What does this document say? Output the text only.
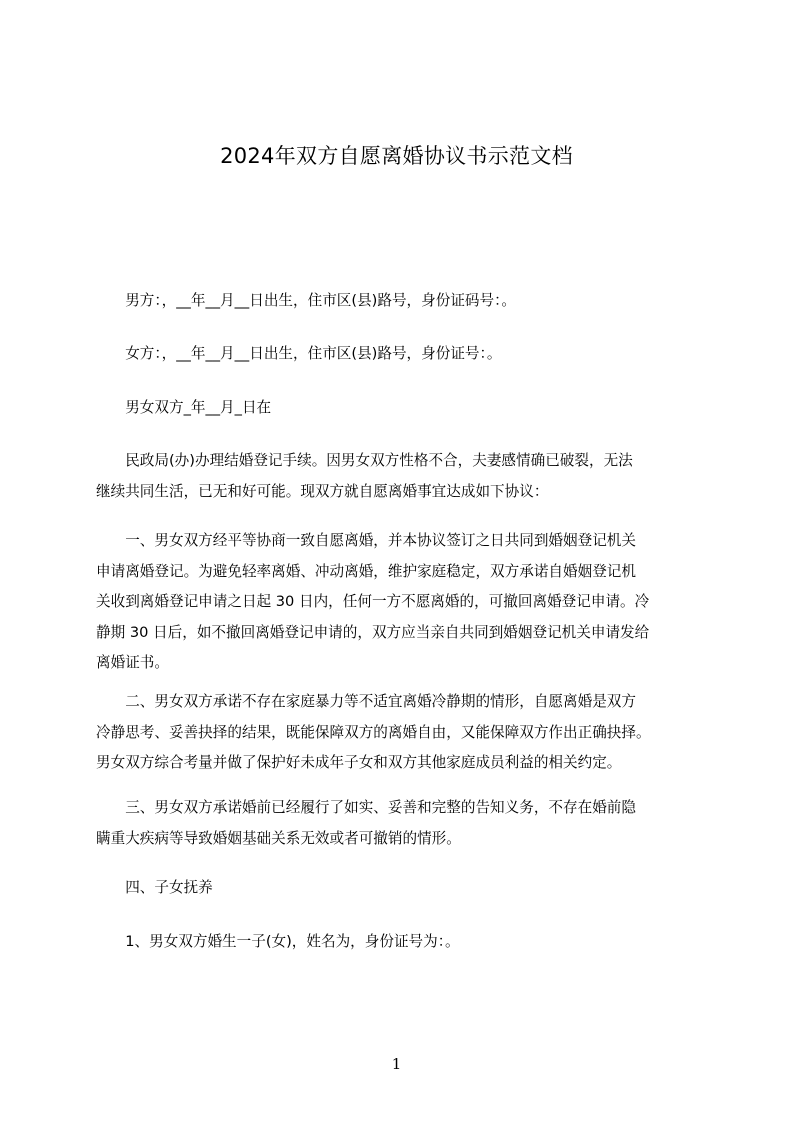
2024年双方自愿离婚协议书示范文档
　　男方：，__年__月__日出生，住市区(县)路号，身份证码号：。
　　女方：，__年__月__日出生，住市区(县)路号，身份证号：。
　　男女双方_年__月_日在
　　民政局(办)办理结婚登记手续。因男女双方性格不合，夫妻感情确已破裂，无法
继续共同生活，已无和好可能。现双方就自愿离婚事宜达成如下协议：
　　一、男女双方经平等协商一致自愿离婚，并本协议签订之日共同到婚姻登记机关
申请离婚登记。为避免轻率离婚、冲动离婚，维护家庭稳定，双方承诺自婚姻登记机
关收到离婚登记申请之日起 30 日内，任何一方不愿离婚的，可撤回离婚登记申请。冷
静期 30 日后，如不撤回离婚登记申请的，双方应当亲自共同到婚姻登记机关申请发给
离婚证书。
　　二、男女双方承诺不存在家庭暴力等不适宜离婚冷静期的情形，自愿离婚是双方
冷静思考、妥善抉择的结果，既能保障双方的离婚自由，又能保障双方作出正确抉择。
男女双方综合考量并做了保护好未成年子女和双方其他家庭成员利益的相关约定。
　　三、男女双方承诺婚前已经履行了如实、妥善和完整的告知义务，不存在婚前隐
瞒重大疾病等导致婚姻基础关系无效或者可撤销的情形。
　　四、子女抚养
　　1、男女双方婚生一子(女)，姓名为，身份证号为：。
1
